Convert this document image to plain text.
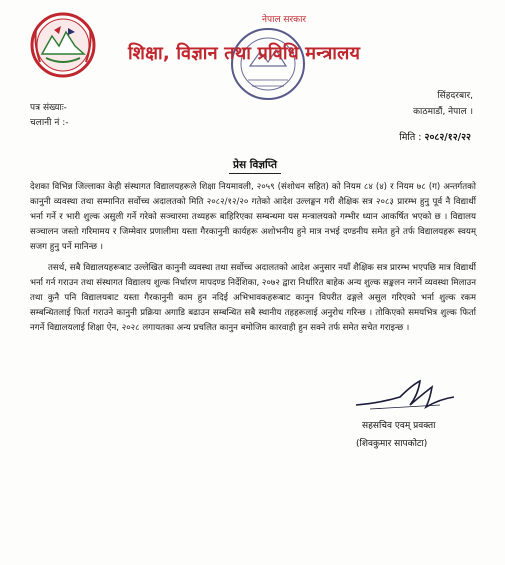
नेपाल सरकार
शिक्षा, विज्ञान तथा प्रविधि मन्त्रालय
सिंहदरबार,
काठमाडौं, नेपाल ।
पत्र संख्याः-
चलानी नं :-
मिति : २०८२/१२/२२
प्रेस विज्ञप्ति

देशका विभिन्न जिल्लाका केही संस्थागत विद्यालयहरूले शिक्षा नियमावली, २०५९ (संशोधन सहित) को नियम ८४ (४) र नियम ७८ (ग) अन्तर्गतको कानुनी व्यवस्था तथा सम्मानित सर्वोच्च अदालतको मिति २०८२/१२/२० गतेको आदेश उल्लङ्घन गरी शैक्षिक सत्र २०८३ प्रारम्भ हुनु पूर्व नै विद्यार्थी भर्ना गर्ने र भारी शुल्क असुली गर्ने गरेको सञ्चारमा तथ्यहरू बाहिरिएका सम्बन्धमा यस मन्त्रालयको गम्भीर ध्यान आकर्षित भएको छ । विद्यालय सञ्चालन जस्तो गरिमामय र जिम्मेवार प्रणालीमा यस्ता गैरकानुनी कार्यहरू अशोभनीय हुने मात्र नभई दण्डनीय समेत हुने तर्फ विद्यालयहरू स्वयम् सजग हुनु पर्ने मानिन्छ ।

तसर्थ, सबै विद्यालयहरूबाट उल्लेखित कानुनी व्यवस्था तथा सर्वोच्च अदालतको आदेश अनुसार नयाँ शैक्षिक सत्र प्रारम्भ भएपछि मात्र विद्यार्थी भर्ना गर्न गराउन तथा संस्थागत विद्यालय शुल्क निर्धारण मापदण्ड निर्देशिका, २०७२ द्वारा निर्धारित बाहेक अन्य शुल्क सङ्कलन नगर्ने व्यवस्था मिलाउन तथा कुनै पनि विद्यालयबाट यस्ता गैरकानुनी काम हुन नदिई अभिभावकहरूबाट कानुन विपरीत ढङ्गले असुल गरिएको भर्ना शुल्क रकम सम्बन्धितलाई फिर्ता गराउने कानुनी प्रक्रिया अगाडि बढाउन सम्बन्धित सबै स्थानीय तहहरूलाई अनुरोध गरिन्छ । तोकिएको समयभित्र शुल्क फिर्ता नगर्ने विद्यालयलाई शिक्षा ऐन, २०२८ लगायतका अन्य प्रचलित कानुन बमोजिम कारवाही हुन सक्ने तर्फ समेत सचेत गराइन्छ ।

सहसचिव एवम् प्रवक्ता
(शिवकुमार सापकोटा)
